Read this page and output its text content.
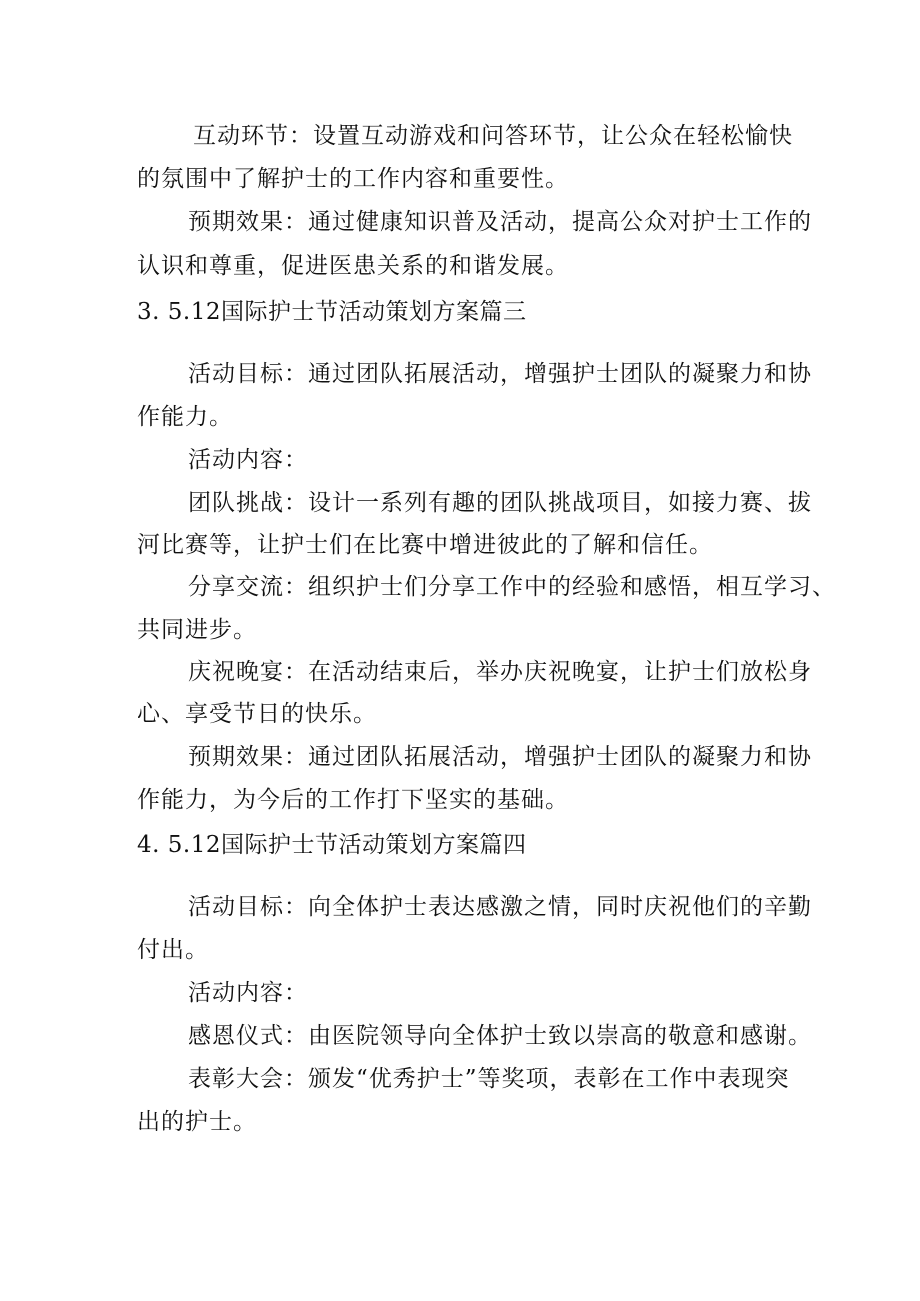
互动环节：设置互动游戏和问答环节，让公众在轻松愉快
的氛围中了解护士的工作内容和重要性。
预期效果：通过健康知识普及活动，提高公众对护士工作的
认识和尊重，促进医患关系的和谐发展。
3. 5.12国际护士节活动策划方案篇三
活动目标：通过团队拓展活动，增强护士团队的凝聚力和协
作能力。
活动内容：
团队挑战：设计一系列有趣的团队挑战项目，如接力赛、拔
河比赛等，让护士们在比赛中增进彼此的了解和信任。
分享交流：组织护士们分享工作中的经验和感悟，相互学习、
共同进步。
庆祝晚宴：在活动结束后，举办庆祝晚宴，让护士们放松身
心、享受节日的快乐。
预期效果：通过团队拓展活动，增强护士团队的凝聚力和协
作能力，为今后的工作打下坚实的基础。
4. 5.12国际护士节活动策划方案篇四
活动目标：向全体护士表达感激之情，同时庆祝他们的辛勤
付出。
活动内容：
感恩仪式：由医院领导向全体护士致以崇高的敬意和感谢。
表彰大会：颁发“优秀护士”等奖项，表彰在工作中表现突
出的护士。
